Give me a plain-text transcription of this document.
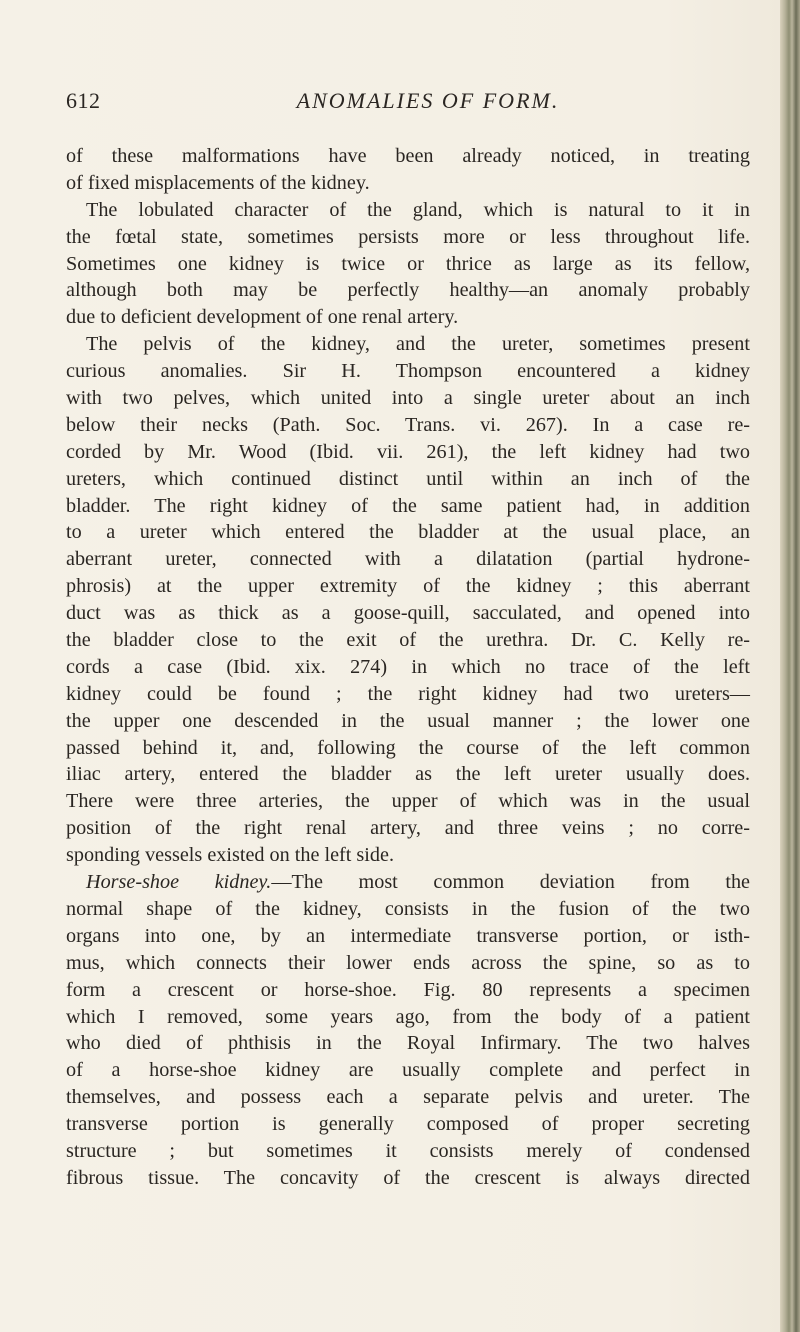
612	ANOMALIES OF FORM.
of these malformations have been already noticed, in treating
of fixed misplacements of the kidney.
The lobulated character of the gland, which is natural to it in
the fœtal state, sometimes persists more or less throughout life.
Sometimes one kidney is twice or thrice as large as its fellow,
although both may be perfectly healthy—an anomaly probably
due to deficient development of one renal artery.
The pelvis of the kidney, and the ureter, sometimes present
curious anomalies. Sir H. Thompson encountered a kidney
with two pelves, which united into a single ureter about an inch
below their necks (Path. Soc. Trans. vi. 267). In a case re-
corded by Mr. Wood (Ibid. vii. 261), the left kidney had two
ureters, which continued distinct until within an inch of the
bladder. The right kidney of the same patient had, in addition
to a ureter which entered the bladder at the usual place, an
aberrant ureter, connected with a dilatation (partial hydrone-
phrosis) at the upper extremity of the kidney ; this aberrant
duct was as thick as a goose-quill, sacculated, and opened into
the bladder close to the exit of the urethra. Dr. C. Kelly re-
cords a case (Ibid. xix. 274) in which no trace of the left
kidney could be found ; the right kidney had two ureters—
the upper one descended in the usual manner ; the lower one
passed behind it, and, following the course of the left common
iliac artery, entered the bladder as the left ureter usually does.
There were three arteries, the upper of which was in the usual
position of the right renal artery, and three veins ; no corre-
sponding vessels existed on the left side.
Horse-shoe kidney.—The most common deviation from the
normal shape of the kidney, consists in the fusion of the two
organs into one, by an intermediate transverse portion, or isth-
mus, which connects their lower ends across the spine, so as to
form a crescent or horse-shoe. Fig. 80 represents a specimen
which I removed, some years ago, from the body of a patient
who died of phthisis in the Royal Infirmary. The two halves
of a horse-shoe kidney are usually complete and perfect in
themselves, and possess each a separate pelvis and ureter. The
transverse portion is generally composed of proper secreting
structure ; but sometimes it consists merely of condensed
fibrous tissue. The concavity of the crescent is always directed
